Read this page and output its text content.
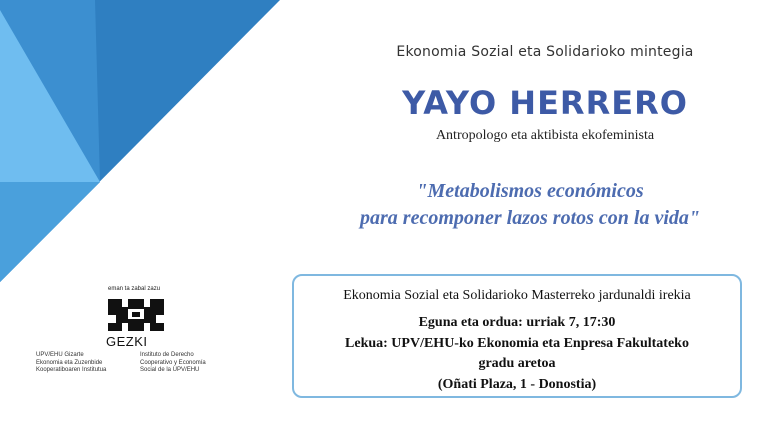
Ekonomia Sozial eta Solidarioko mintegia
YAYO HERRERO
Antropologo eta aktibista ekofeminista
"Metabolismos económicos
para recomponer lazos rotos con la vida"
eman ta zabal zazu
GEZKI
UPV/EHU Gizarte
Ekonomia eta Zuzenbide
Kooperatiboaren Institutua
Instituto de Derecho
Cooperativo y Economía
Social de la UPV/EHU
Ekonomia Sozial eta Solidarioko Masterreko jardunaldi irekia
Eguna eta ordua: urriak 7, 17:30
Lekua: UPV/EHU-ko Ekonomia eta Enpresa Fakultateko
gradu aretoa
(Oñati Plaza, 1 - Donostia)
